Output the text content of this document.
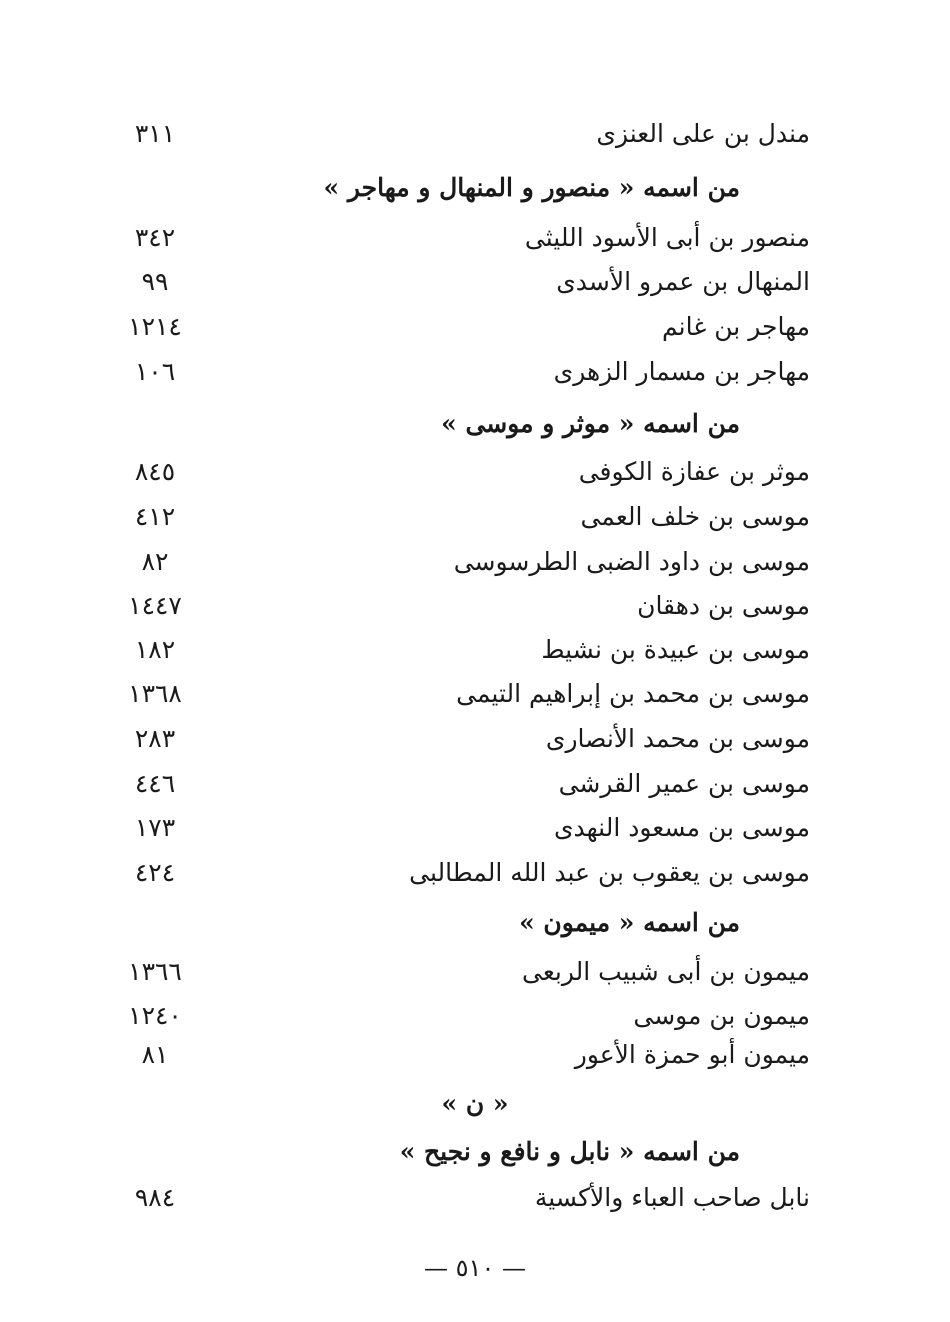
مندل بن على العنزى
٣١١
من اسمه « منصور و المنهال و مهاجر »
منصور بن أبى الأسود الليثى
٣٤٢
المنهال بن عمرو الأسدى
٩٩
مهاجر بن غانم
١٢١٤
مهاجر بن مسمار الزهرى
١٠٦
من اسمه « موثر و موسى »
موثر بن عفازة الكوفى
٨٤٥
موسى بن خلف العمى
٤١٢
موسى بن داود الضبى الطرسوسى
٨٢
موسى بن دهقان
١٤٤٧
موسى بن عبيدة بن نشيط
١٨٢
موسى بن محمد بن إبراهيم التيمى
١٣٦٨
موسى بن محمد الأنصارى
٢٨٣
موسى بن عمير القرشى
٤٤٦
موسى بن مسعود النهدى
١٧٣
موسى بن يعقوب بن عبد الله المطالبى
٤٢٤
من اسمه « ميمون »
ميمون بن أبى شبيب الربعى
١٣٦٦
ميمون بن موسى
١٢٤٠
ميمون أبو حمزة الأعور
٨١
« ن »
من اسمه « نابل و نافع و نجيح »
نابل صاحب العباء والأكسية
٩٨٤
— ٥١٠ —
